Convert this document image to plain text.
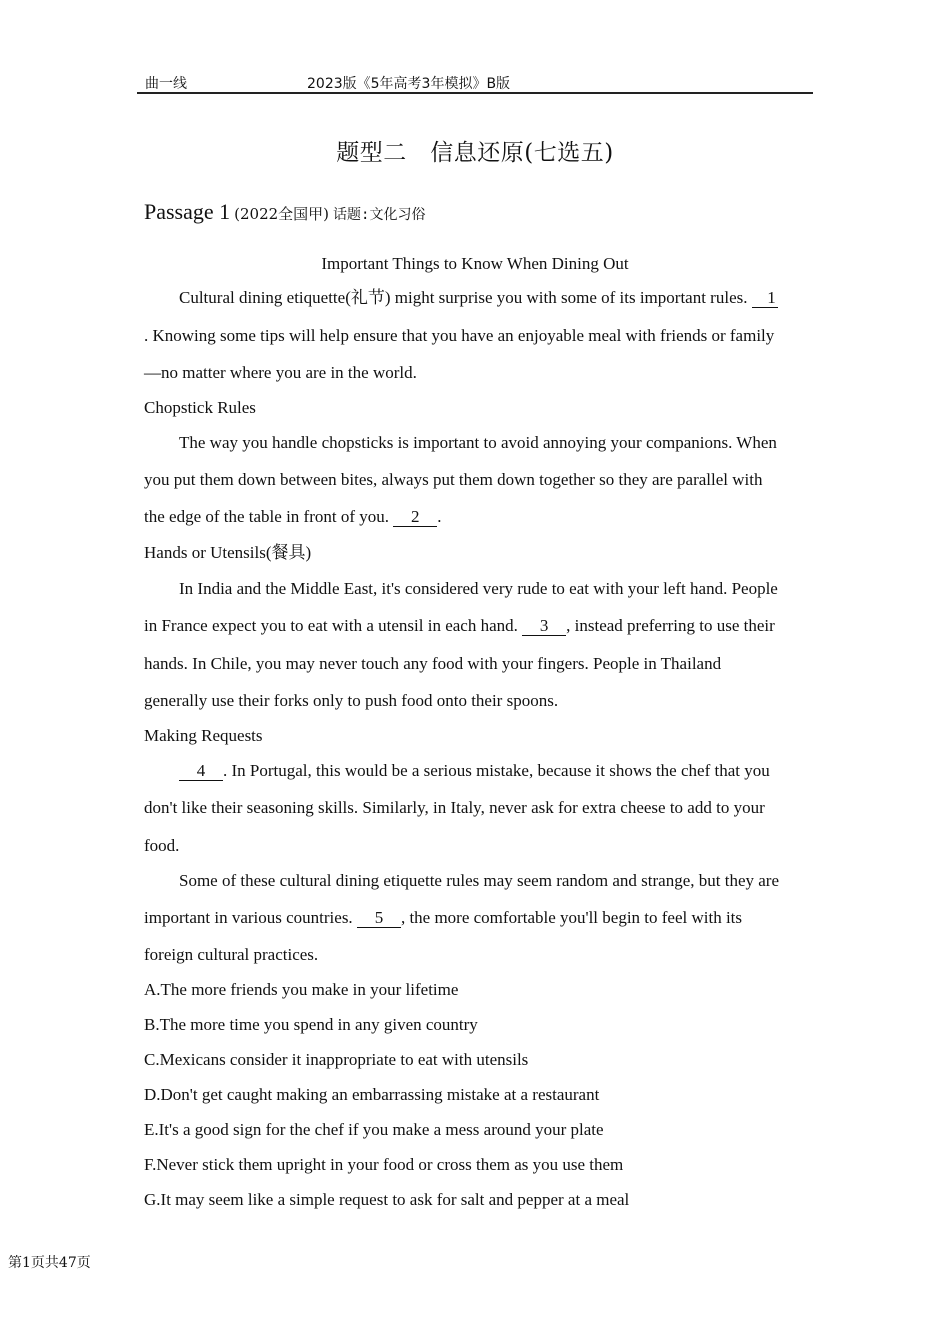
曲一线	2023版《5年高考3年模拟》B版
题型二　信息还原(七选五)
Passage 1 (2022全国甲) 话题:文化习俗
Important Things to Know When Dining Out
Cultural dining etiquette(礼节) might surprise you with some of its important rules. 1
. Knowing some tips will help ensure that you have an enjoyable meal with friends or family
—no matter where you are in the world.
Chopstick Rules
The way you handle chopsticks is important to avoid annoying your companions. When
you put them down between bites, always put them down together so they are parallel with
the edge of the table in front of you. 2 .
Hands or Utensils(餐具)
In India and the Middle East, it's considered very rude to eat with your left hand. People
in France expect you to eat with a utensil in each hand. 3 , instead preferring to use their
hands. In Chile, you may never touch any food with your fingers. People in Thailand
generally use their forks only to push food onto their spoons.
Making Requests
4 . In Portugal, this would be a serious mistake, because it shows the chef that you
don't like their seasoning skills. Similarly, in Italy, never ask for extra cheese to add to your
food.
Some of these cultural dining etiquette rules may seem random and strange, but they are
important in various countries. 5 , the more comfortable you'll begin to feel with its
foreign cultural practices.
A.The more friends you make in your lifetime
B.The more time you spend in any given country
C.Mexicans consider it inappropriate to eat with utensils
D.Don't get caught making an embarrassing mistake at a restaurant
E.It's a good sign for the chef if you make a mess around your plate
F.Never stick them upright in your food or cross them as you use them
G.It may seem like a simple request to ask for salt and pepper at a meal
第1页共47页
